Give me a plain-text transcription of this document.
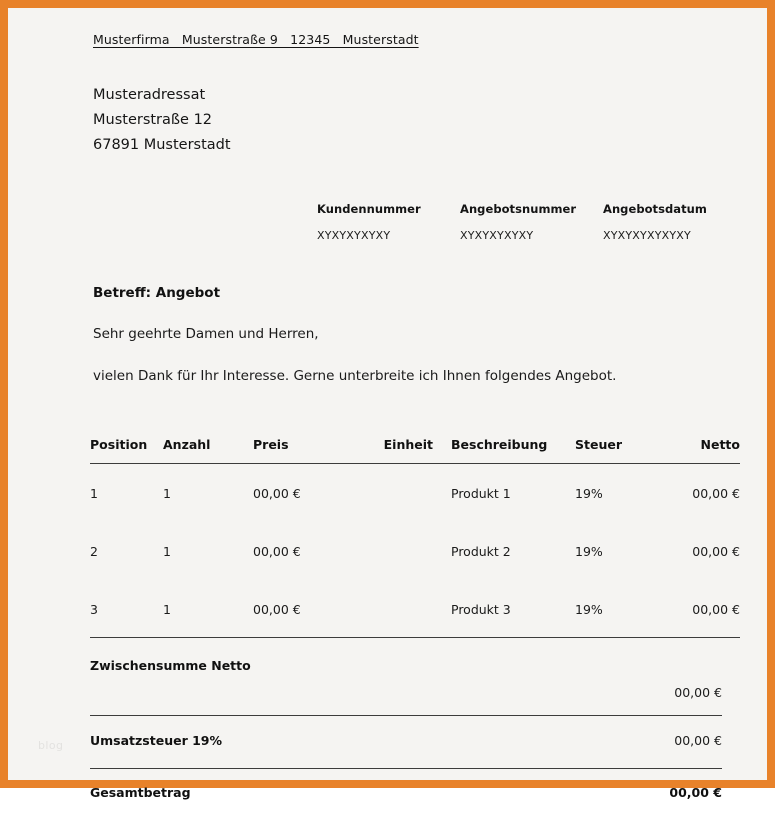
Musterfirma   Musterstraße 9   12345   Musterstadt
Musteradressat
Musterstraße 12
67891 Musterstadt
Kundennummer
XYXYXYXYXY
Angebotsnummer
XYXYXYXYXY
Angebotsdatum
XYXYXYXYXYXY
Betreff: Angebot
Sehr geehrte Damen und Herren,
vielen Dank für Ihr Interesse. Gerne unterbreite ich Ihnen folgendes Angebot.
Position	Anzahl	Preis	Einheit	Beschreibung	Steuer	Netto
1	1	00,00 €		Produkt 1	19%	00,00 €
2	1	00,00 €		Produkt 2	19%	00,00 €
3	1	00,00 €		Produkt 3	19%	00,00 €
Zwischensumme Netto
00,00 €
Umsatzsteuer 19%	00,00 €
Gesamtbetrag	00,00 €
blog
